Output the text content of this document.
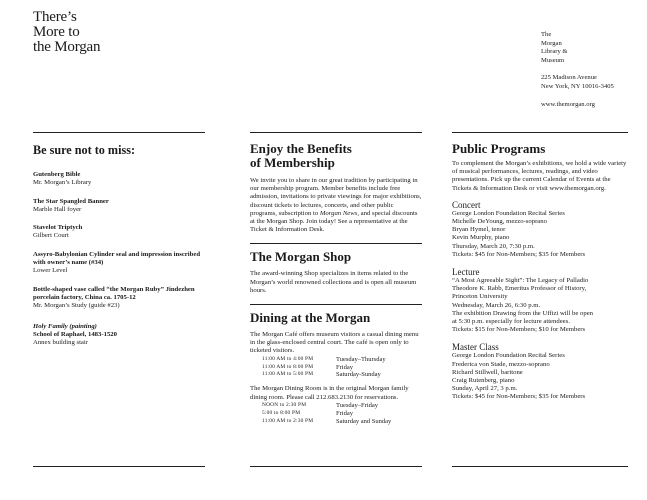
There’s
More to
the Morgan
The
Morgan
Library &
Museum
225 Madison Avenue
New York, NY 10016-3405
www.themorgan.org
Be sure not to miss:
Gutenberg Bible
Mr. Morgan’s Library
The Star Spangled Banner
Marble Hall foyer
Stavelot Triptych
Gilbert Court
Assyro-Babylonian Cylinder seal and impression inscribed with owner’s name (#34)
Lower Level
Bottle-shaped vase called “the Morgan Ruby” Jindezhen porcelain factory, China ca. 1705-12
Mr. Morgan’s Study (guide #23)
Holy Family (painting)
School of Raphael, 1483-1520
Annex building stair
Enjoy the Benefits
of Membership
We invite you to share in our great tradition by participating in our membership program. Member benefits include free admission, invitations to private viewings for major exhibitions, discount tickets to lectures, concerts, and other public programs, subscription to Morgan News, and special discounts at the Morgan Shop. Join today! See a representative at the Ticket & Information Desk.
The Morgan Shop
The award-winning Shop specializes in items related to the Morgan’s world renowned collections and is open all museum hours.
Dining at the Morgan
The Morgan Café offers museum visitors a casual dining menu in the glass-enclosed central court. The café is open only to ticketed visitors.
11:00 AM to 4:00 PM	Tuesday–Thursday
11:00 AM to 8:00 PM	Friday
11:00 AM to 5:00 PM	Saturday-Sunday
The Morgan Dining Room is in the original Morgan family dining room. Please call 212.683.2130 for reservations.
NOON to 2:30 PM	Tuesday–Friday
5:00 to 8:00 PM	Friday
11:00 AM to 2:30 PM	Saturday and Sunday
Public Programs
To complement the Morgan’s exhibitions, we hold a wide variety of musical performances, lectures, readings, and video presentations. Pick up the current Calendar of Events at the Tickets & Information Desk or visit www.themorgan.org.
Concert
George London Foundation Recital Series
Michelle DeYoung, mezzo-soprano
Bryan Hymel, tenor
Kevin Murphy, piano
Thursday, March 20, 7:30 p.m.
Tickets: $45 for Non-Members; $35 for Members
Lecture
“A Most Agreeable Sight”: The Legacy of Palladio
Theodore K. Rabb, Emeritus Professor of History,
Princeton University
Wednesday, March 26, 6:30 p.m.
The exhibition Drawing from the Uffizi will be open
at 5:30 p.m. especially for lecture attendees.
Tickets: $15 for Non-Members; $10 for Members
Master Class
George London Foundation Recital Series
Frederica von Stade, mezzo-soprano
Richard Stillwell, baritone
Craig Rutenberg, piano
Sunday, April 27, 3 p.m.
Tickets: $45 for Non-Members; $35 for Members
